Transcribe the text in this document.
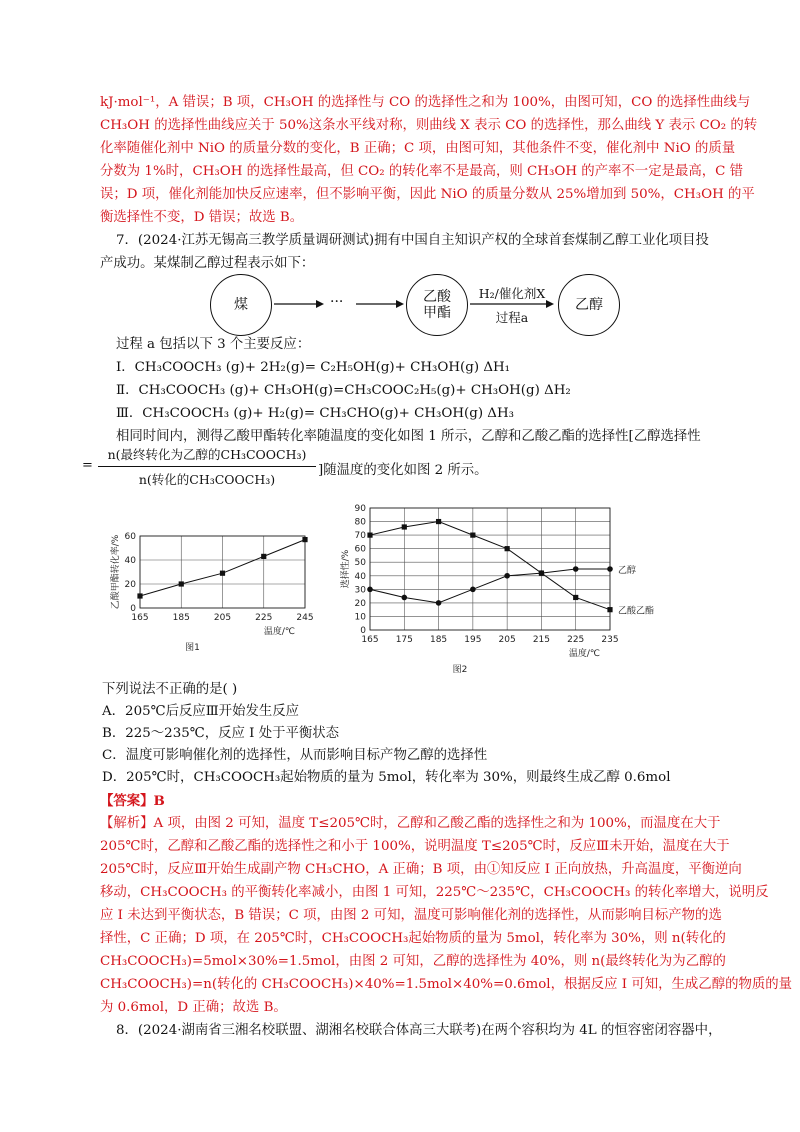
kJ·mol⁻¹，A 错误；B 项，CH₃OH 的选择性与 CO 的选择性之和为 100%，由图可知，CO 的选择性曲线与
CH₃OH 的选择性曲线应关于 50%这条水平线对称，则曲线 X 表示 CO 的选择性，那么曲线 Y 表示 CO₂ 的转
化率随催化剂中 NiO 的质量分数的变化，B 正确；C 项，由图可知，其他条件不变，催化剂中 NiO 的质量
分数为 1%时，CH₃OH 的选择性最高，但 CO₂ 的转化率不是最高，则 CH₃OH 的产率不一定是最高，C 错
误；D 项，催化剂能加快反应速率，但不影响平衡，因此 NiO 的质量分数从 25%增加到 50%，CH₃OH 的平
衡选择性不变，D 错误；故选 B。
7．(2024·江苏无锡高三教学质量调研测试)拥有中国自主知识产权的全球首套煤制乙醇工业化项目投
产成功。某煤制乙醇过程表示如下：
煤	···	乙酸
甲酯
H₂/催化剂X
过程a
乙醇
过程 a 包括以下 3 个主要反应：
I．CH₃COOCH₃ (g)+ 2H₂(g)= C₂H₅OH(g)+ CH₃OH(g) ΔH₁
Ⅱ．CH₃COOCH₃ (g)+ CH₃OH(g)=CH₃COOC₂H₅(g)+ CH₃OH(g) ΔH₂
Ⅲ．CH₃COOCH₃ (g)+ H₂(g)= CH₃CHO(g)+ CH₃OH(g) ΔH₃
相同时间内，测得乙酸甲酯转化率随温度的变化如图 1 所示，乙醇和乙酸乙酯的选择性[乙醇选择性
=
n(最终转化为乙醇的CH₃COOCH₃)
n(转化的CH₃COOCH₃)
]随温度的变化如图 2 所示。
0
20
40
60
165	185	205	225	245
温度/℃
图1
乙酸甲酯转化率/%
0
10
20
30
40
50
60
70
80
90
165 175 185 195 205 215 225 235
乙醇
乙酸乙酯
温度/℃
图2
选择性/%
下列说法不正确的是( )
A．205℃后反应Ⅲ开始发生反应
B．225～235℃，反应 I 处于平衡状态
C．温度可影响催化剂的选择性，从而影响目标产物乙醇的选择性
D．205℃时，CH₃COOCH₃起始物质的量为 5mol，转化率为 30%，则最终生成乙醇 0.6mol
【答案】B
【解析】A 项，由图 2 可知，温度 T≤205℃时，乙醇和乙酸乙酯的选择性之和为 100%，而温度在大于
205℃时，乙醇和乙酸乙酯的选择性之和小于 100%，说明温度 T≤205℃时，反应Ⅲ未开始，温度在大于
205℃时，反应Ⅲ开始生成副产物 CH₃CHO，A 正确；B 项，由①知反应 I 正向放热，升高温度，平衡逆向
移动，CH₃COOCH₃ 的平衡转化率减小，由图 1 可知，225℃～235℃，CH₃COOCH₃ 的转化率增大，说明反
应 I 未达到平衡状态，B 错误；C 项，由图 2 可知，温度可影响催化剂的选择性，从而影响目标产物的选
择性，C 正确；D 项，在 205℃时，CH₃COOCH₃起始物质的量为 5mol，转化率为 30%，则 n(转化的
CH₃COOCH₃)=5mol×30%=1.5mol，由图 2 可知，乙醇的选择性为 40%，则 n(最终转化为为乙醇的
CH₃COOCH₃)=n(转化的 CH₃COOCH₃)×40%=1.5mol×40%=0.6mol，根据反应 I 可知，生成乙醇的物质的量
为 0.6mol，D 正确；故选 B。
8．(2024·湖南省三湘名校联盟、湖湘名校联合体高三大联考)在两个容积均为 4L 的恒容密闭容器中，
